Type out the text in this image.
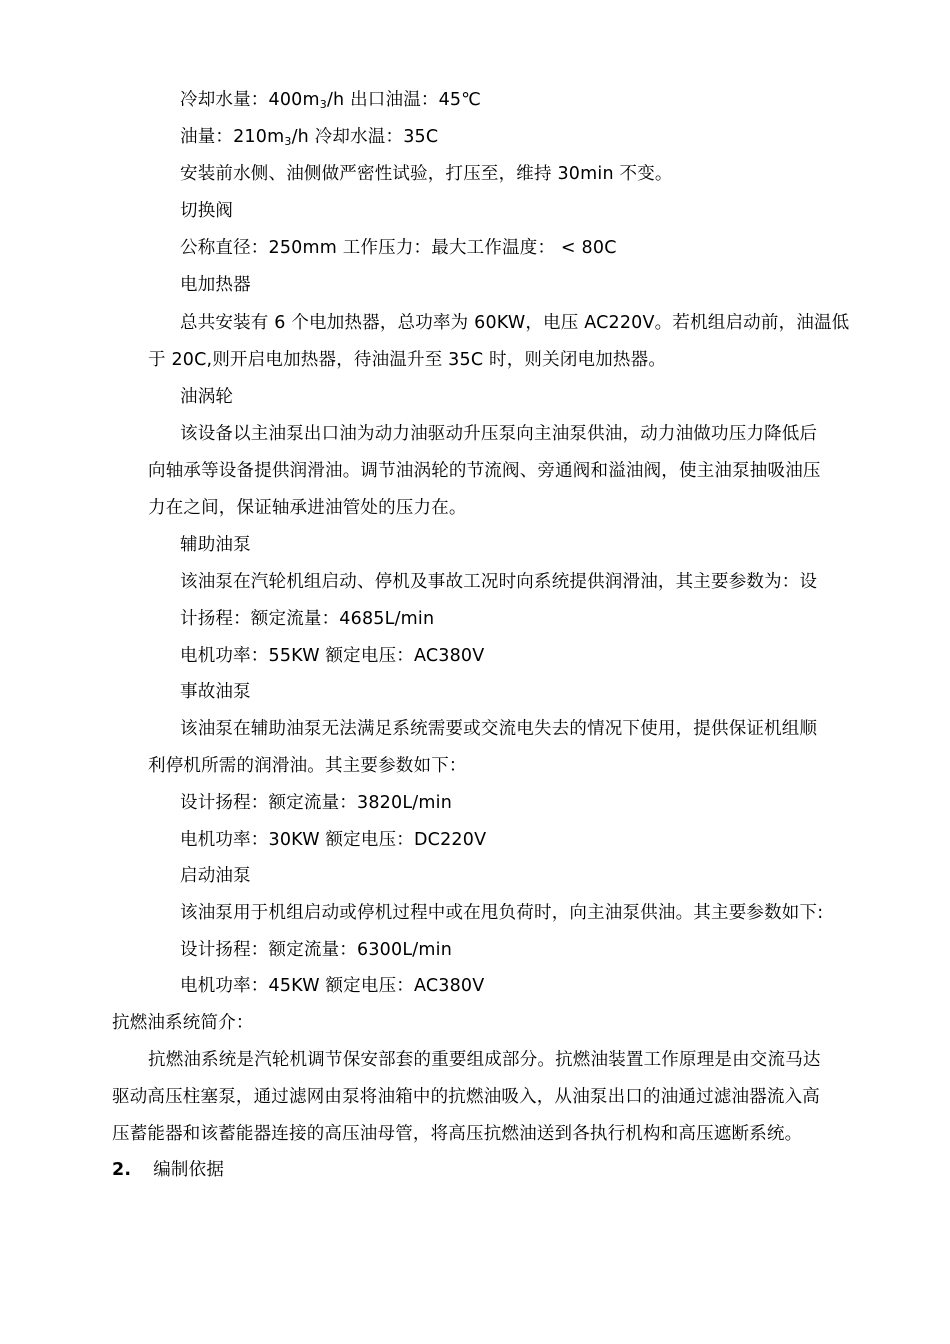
冷却水量：400m3/h 出口油温：45℃
油量：210m3/h 冷却水温：35C
安装前水侧、油侧做严密性试验，打压至，维持 30min 不变。
切换阀
公称直径：250mm 工作压力：最大工作温度： < 80C
电加热器
总共安装有 6 个电加热器，总功率为 60KW，电压 AC220V。若机组启动前，油温低
于 20C,则开启电加热器，待油温升至 35C 时，则关闭电加热器。
油涡轮
该设备以主油泵出口油为动力油驱动升压泵向主油泵供油，动力油做功压力降低后
向轴承等设备提供润滑油。调节油涡轮的节流阀、旁通阀和溢油阀，使主油泵抽吸油压
力在之间，保证轴承进油管处的压力在。
辅助油泵
该油泵在汽轮机组启动、停机及事故工况时向系统提供润滑油，其主要参数为：设
计扬程：额定流量：4685L/min
电机功率：55KW 额定电压：AC380V
事故油泵
该油泵在辅助油泵无法满足系统需要或交流电失去的情况下使用，提供保证机组顺
利停机所需的润滑油。其主要参数如下：
设计扬程：额定流量：3820L/min
电机功率：30KW 额定电压：DC220V
启动油泵
该油泵用于机组启动或停机过程中或在甩负荷时，向主油泵供油。其主要参数如下:
设计扬程：额定流量：6300L/min
电机功率：45KW 额定电压：AC380V
抗燃油系统简介：
抗燃油系统是汽轮机调节保安部套的重要组成部分。抗燃油装置工作原理是由交流马达
驱动高压柱塞泵，通过滤网由泵将油箱中的抗燃油吸入，从油泵出口的油通过滤油器流入高
压蓄能器和该蓄能器连接的高压油母管，将高压抗燃油送到各执行机构和高压遮断系统。
2. 编制依据
